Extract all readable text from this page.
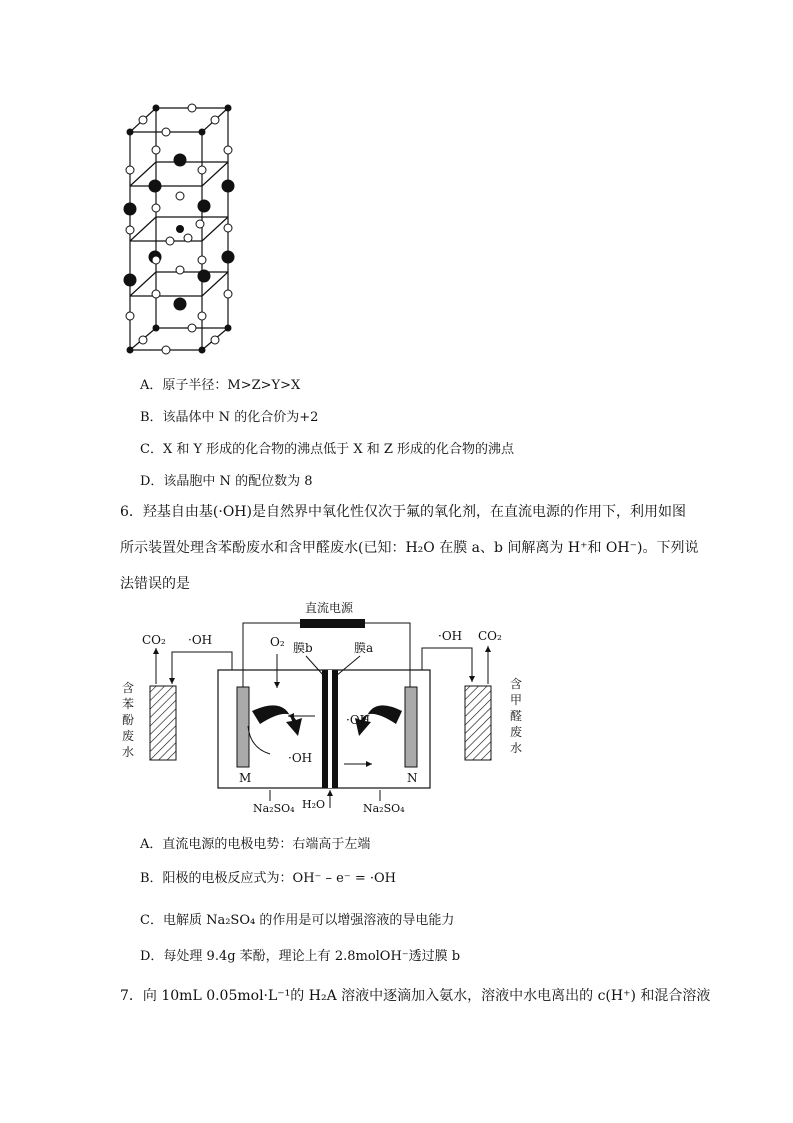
A．原子半径：M>Z>Y>X
B．该晶体中 N 的化合价为+2
C．X 和 Y 形成的化合物的沸点低于 X 和 Z 形成的化合物的沸点
D．该晶胞中 N 的配位数为 8
6．羟基自由基(·OH)是自然界中氧化性仅次于氟的氧化剂，在直流电源的作用下，利用如图
所示装置处理含苯酚废水和含甲醛废水(已知：H₂O 在膜 a、b 间解离为 H⁺和 OH⁻)。下列说
法错误的是
直流电源
M	N
膜b	膜a
O₂
·OH
·OH
Na₂SO₄ H₂O	Na₂SO₄
CO₂ ·OH
含 苯 酚 废 水
·OH CO₂
含 甲 醛 废 水
A．直流电源的电极电势：右端高于左端
B．阳极的电极反应式为：OH⁻ – e⁻ = ·OH
C．电解质 Na₂SO₄ 的作用是可以增强溶液的导电能力
D．每处理 9.4g 苯酚，理论上有 2.8molOH⁻透过膜 b
7．向 10mL 0.05mol·L⁻¹的 H₂A 溶液中逐滴加入氨水，溶液中水电离出的 c(H⁺) 和混合溶液
